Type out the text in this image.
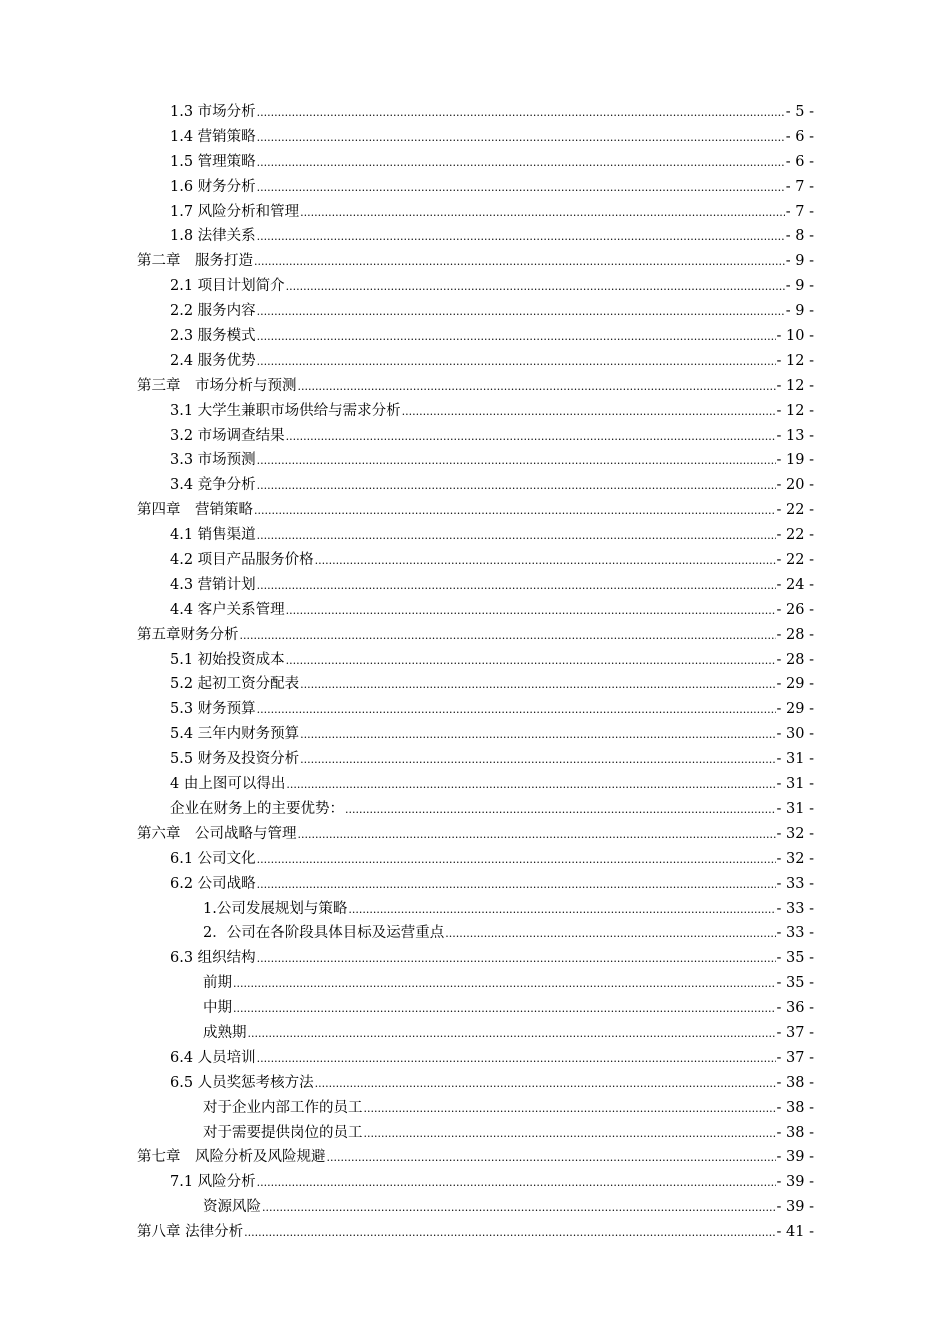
1.3 市场分析 .....	- 5 -
1.4 营销策略 .....	- 6 -
1.5 管理策略 .....	- 6 -
1.6 财务分析 .....	- 7 -
1.7 风险分析和管理 .....	- 7 -
1.8 法律关系 .....	- 8 -
第二章　服务打造 .....	- 9 -
2.1 项目计划简介 .....	- 9 -
2.2 服务内容 .....	- 9 -
2.3 服务模式 .....	- 10 -
2.4 服务优势 .....	- 12 -
第三章　市场分析与预测 .....	- 12 -
3.1 大学生兼职市场供给与需求分析 .....	- 12 -
3.2 市场调查结果 .....	- 13 -
3.3 市场预测 .....	- 19 -
3.4 竞争分析 .....	- 20 -
第四章　营销策略 .....	- 22 -
4.1 销售渠道 .....	- 22 -
4.2 项目产品服务价格 .....	- 22 -
4.3 营销计划 .....	- 24 -
4.4 客户关系管理 .....	- 26 -
第五章财务分析 .....	- 28 -
5.1 初始投资成本 .....	- 28 -
5.2 起初工资分配表 .....	- 29 -
5.3 财务预算 .....	- 29 -
5.4 三年内财务预算 .....	- 30 -
5.5 财务及投资分析 .....	- 31 -
4 由上图可以得出 .....	- 31 -
企业在财务上的主要优势： .....	- 31 -
第六章　公司战略与管理 .....	- 32 -
6.1 公司文化 .....	- 32 -
6.2 公司战略 .....	- 33 -
1.公司发展规划与策略 .....	- 33 -
2．公司在各阶段具体目标及运营重点 .....	- 33 -
6.3 组织结构 .....	- 35 -
前期 .....	- 35 -
中期 .....	- 36 -
成熟期 .....	- 37 -
6.4 人员培训 .....	- 37 -
6.5 人员奖惩考核方法 .....	- 38 -
对于企业内部工作的员工 .....	- 38 -
对于需要提供岗位的员工 .....	- 38 -
第七章　风险分析及风险规避 .....	- 39 -
7.1 风险分析 .....	- 39 -
资源风险 .....	- 39 -
第八章 法律分析 .....	- 41 -
